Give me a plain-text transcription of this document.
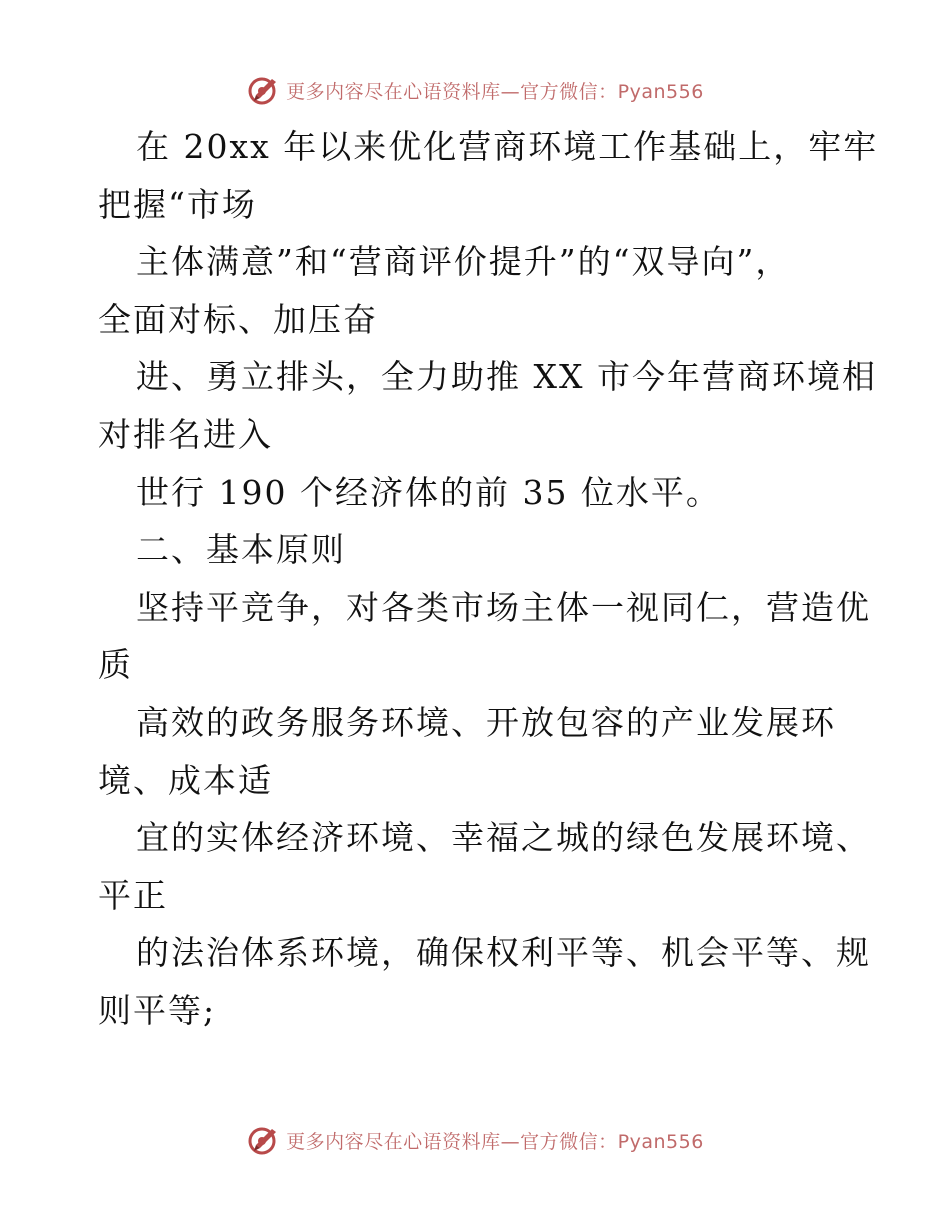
更多内容尽在心语资料库—官方微信：Pyan556
在 20xx 年以来优化营商环境工作基础上，牢牢
把握“市场
主体满意”和“营商评价提升”的“双导向”，
全面对标、加压奋
进、勇立排头，全力助推 XX 市今年营商环境相
对排名进入
世行 190 个经济体的前 35 位水平。
二、基本原则
坚持平竞争，对各类市场主体一视同仁，营造优
质
高效的政务服务环境、开放包容的产业发展环
境、成本适
宜的实体经济环境、幸福之城的绿色发展环境、
平正
的法治体系环境，确保权利平等、机会平等、规
则平等;
更多内容尽在心语资料库—官方微信：Pyan556
